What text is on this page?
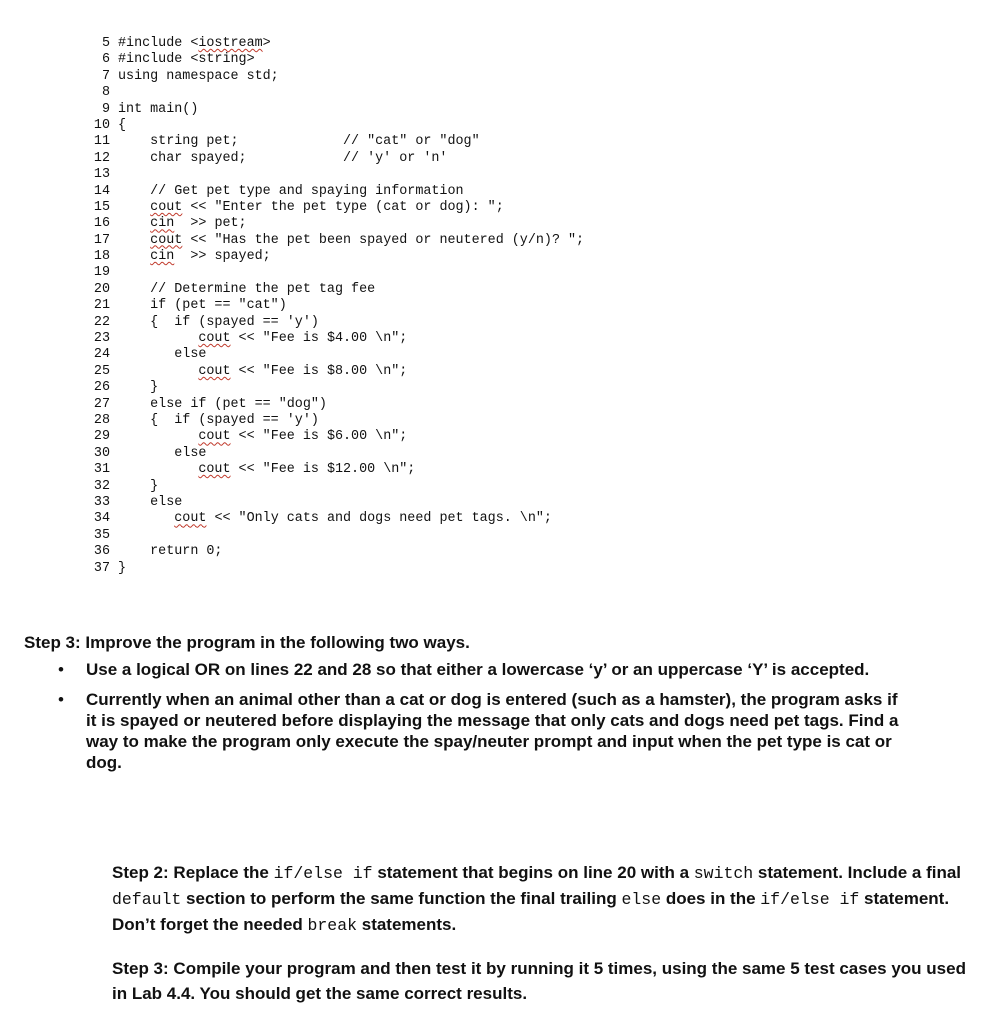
5 #include <iostream>
6 #include <string>
7 using namespace std;
8
9 int main()
10 {
11 string pet;             // "cat" or "dog"
12 char spayed;            // 'y' or 'n'
13
14 // Get pet type and spaying information
15	cout << "Enter the pet type (cat or dog): ";
16	cin  >> pet;
17	cout << "Has the pet been spayed or neutered (y/n)? ";
18	cin  >> spayed;
19
20 // Determine the pet tag fee
21 if (pet == "cat")
22 {  if (spayed == 'y')
23	cout << "Fee is $4.00 \n";
24 else
25	cout << "Fee is $8.00 \n";
26 }
27 else if (pet == "dog")
28 {  if (spayed == 'y')
29	cout << "Fee is $6.00 \n";
30 else
31	cout << "Fee is $12.00 \n";
32 }
33 else
34	cout << "Only cats and dogs need pet tags. \n";
35
36 return 0;
37 }

Step 3: Improve the program in the following two ways.

• Use a logical OR on lines 22 and 28 so that either a lowercase ‘y’ or an uppercase ‘Y’ is accepted.
• Currently when an animal other than a cat or dog is entered (such as a hamster), the program asks if it is spayed or neutered before displaying the message that only cats and dogs need pet tags. Find a way to make the program only execute the spay/neuter prompt and input when the pet type is cat or dog.

Step 2: Replace the if/else if statement that begins on line 20 with a switch statement. Include a final default section to perform the same function the final trailing else does in the if/else if statement. Don’t forget the needed break statements.

Step 3: Compile your program and then test it by running it 5 times, using the same 5 test cases you used in Lab 4.4. You should get the same correct results.
